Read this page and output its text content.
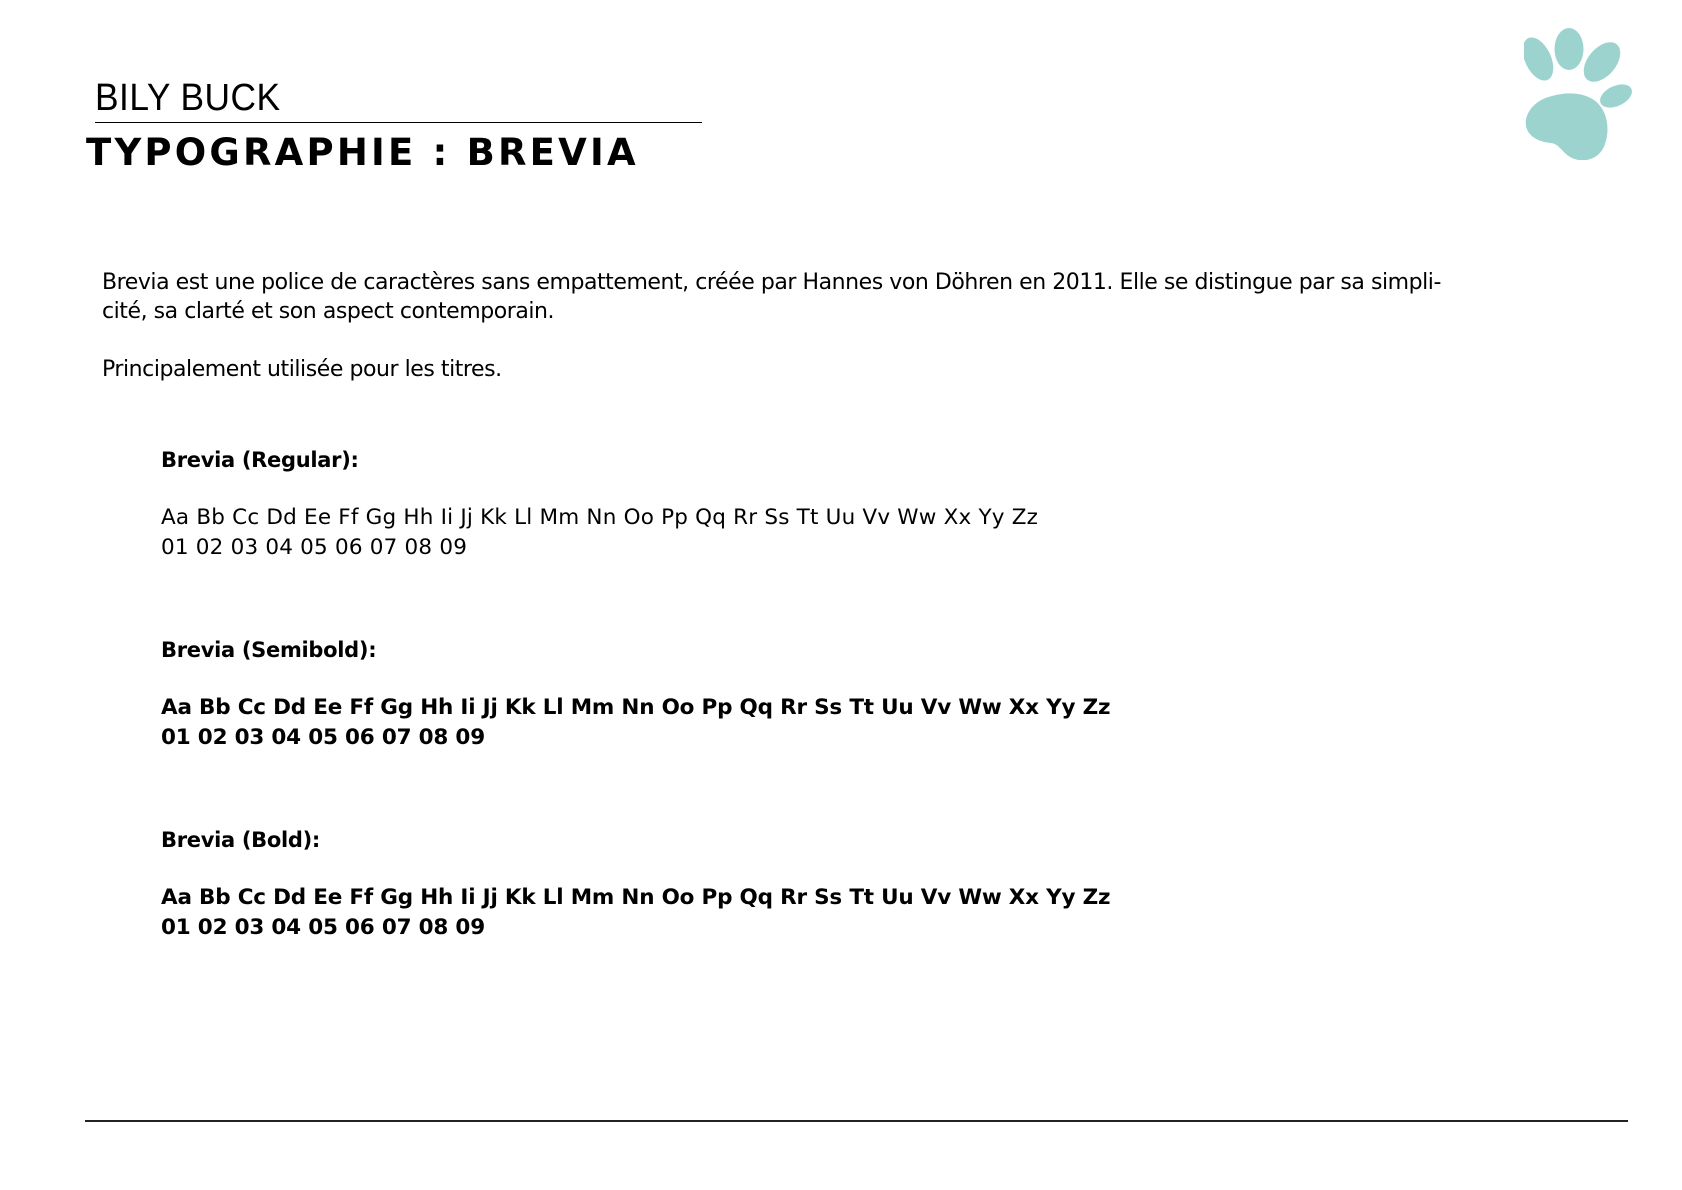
BILY BUCK
TYPOGRAPHIE : BREVIA

Brevia est une police de caractères sans empattement, créée par Hannes von Döhren en 2011. Elle se distingue par sa simpli-
cité, sa clarté et son aspect contemporain.

Principalement utilisée pour les titres.

Brevia (Regular):
Aa Bb Cc Dd Ee Ff Gg Hh Ii Jj Kk Ll Mm Nn Oo Pp Qq Rr Ss Tt Uu Vv Ww Xx Yy Zz
01 02 03 04 05 06 07 08 09
Brevia (Semibold):
Aa Bb Cc Dd Ee Ff Gg Hh Ii Jj Kk Ll Mm Nn Oo Pp Qq Rr Ss Tt Uu Vv Ww Xx Yy Zz
01 02 03 04 05 06 07 08 09
Brevia (Bold):
Aa Bb Cc Dd Ee Ff Gg Hh Ii Jj Kk Ll Mm Nn Oo Pp Qq Rr Ss Tt Uu Vv Ww Xx Yy Zz
01 02 03 04 05 06 07 08 09
